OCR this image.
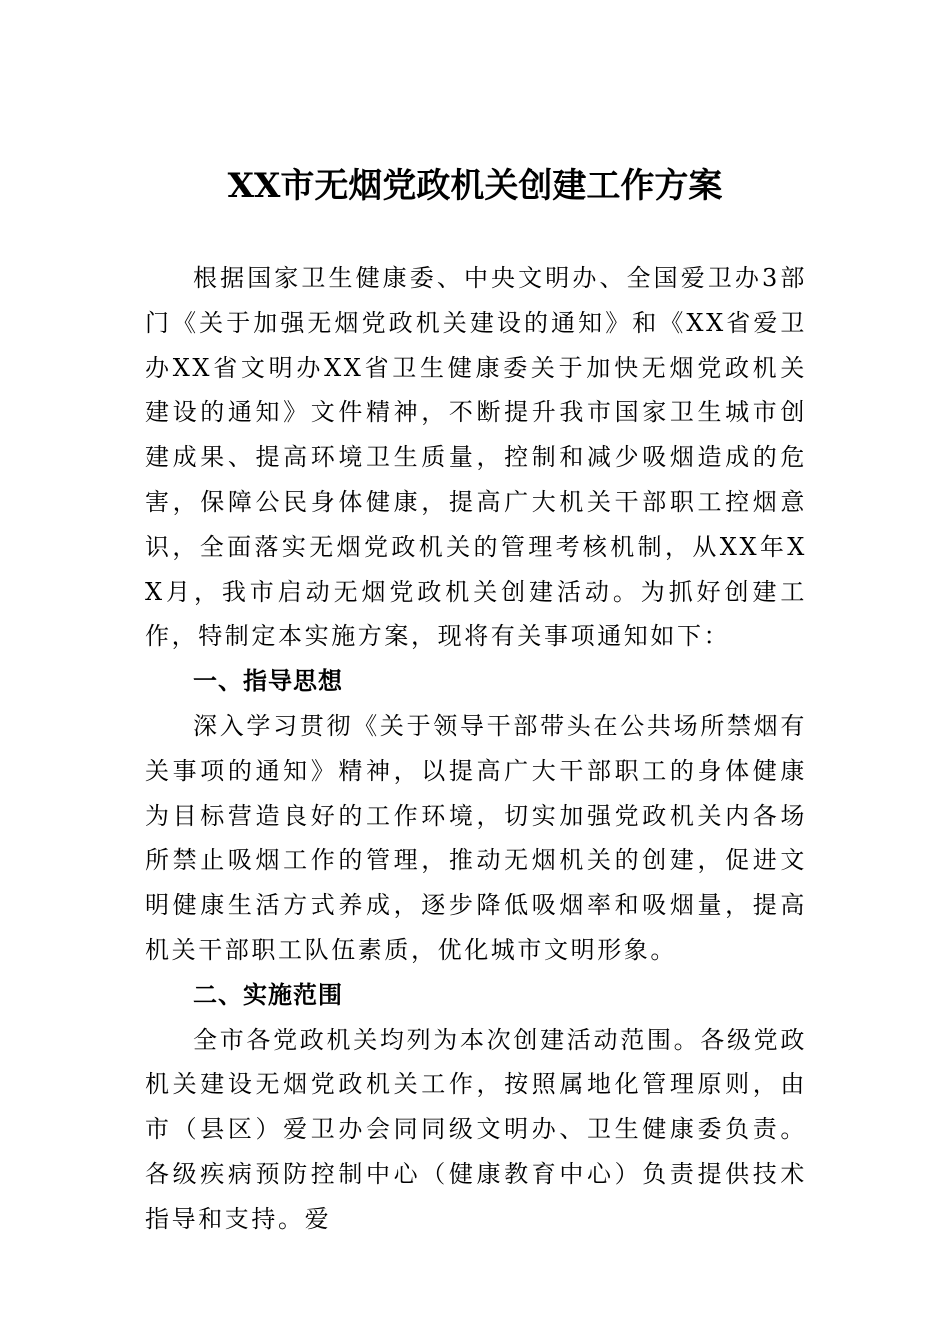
XX市无烟党政机关创建工作方案

根据国家卫生健康委、中央文明办、全国爱卫办3部门《关于加强无烟党政机关建设的通知》和《XX省爱卫办XX省文明办XX省卫生健康委关于加快无烟党政机关建设的通知》文件精神，不断提升我市国家卫生城市创建成果、提高环境卫生质量，控制和减少吸烟造成的危害，保障公民身体健康，提高广大机关干部职工控烟意识，全面落实无烟党政机关的管理考核机制，从XX年XX月，我市启动无烟党政机关创建活动。为抓好创建工作，特制定本实施方案，现将有关事项通知如下：

一、指导思想

深入学习贯彻《关于领导干部带头在公共场所禁烟有关事项的通知》精神，以提高广大干部职工的身体健康为目标营造良好的工作环境，切实加强党政机关内各场所禁止吸烟工作的管理，推动无烟机关的创建，促进文明健康生活方式养成，逐步降低吸烟率和吸烟量，提高机关干部职工队伍素质，优化城市文明形象。

二、实施范围

全市各党政机关均列为本次创建活动范围。各级党政机关建设无烟党政机关工作，按照属地化管理原则，由市（县区）爱卫办会同同级文明办、卫生健康委负责。各级疾病预防控制中心（健康教育中心）负责提供技术指导和支持。爱
